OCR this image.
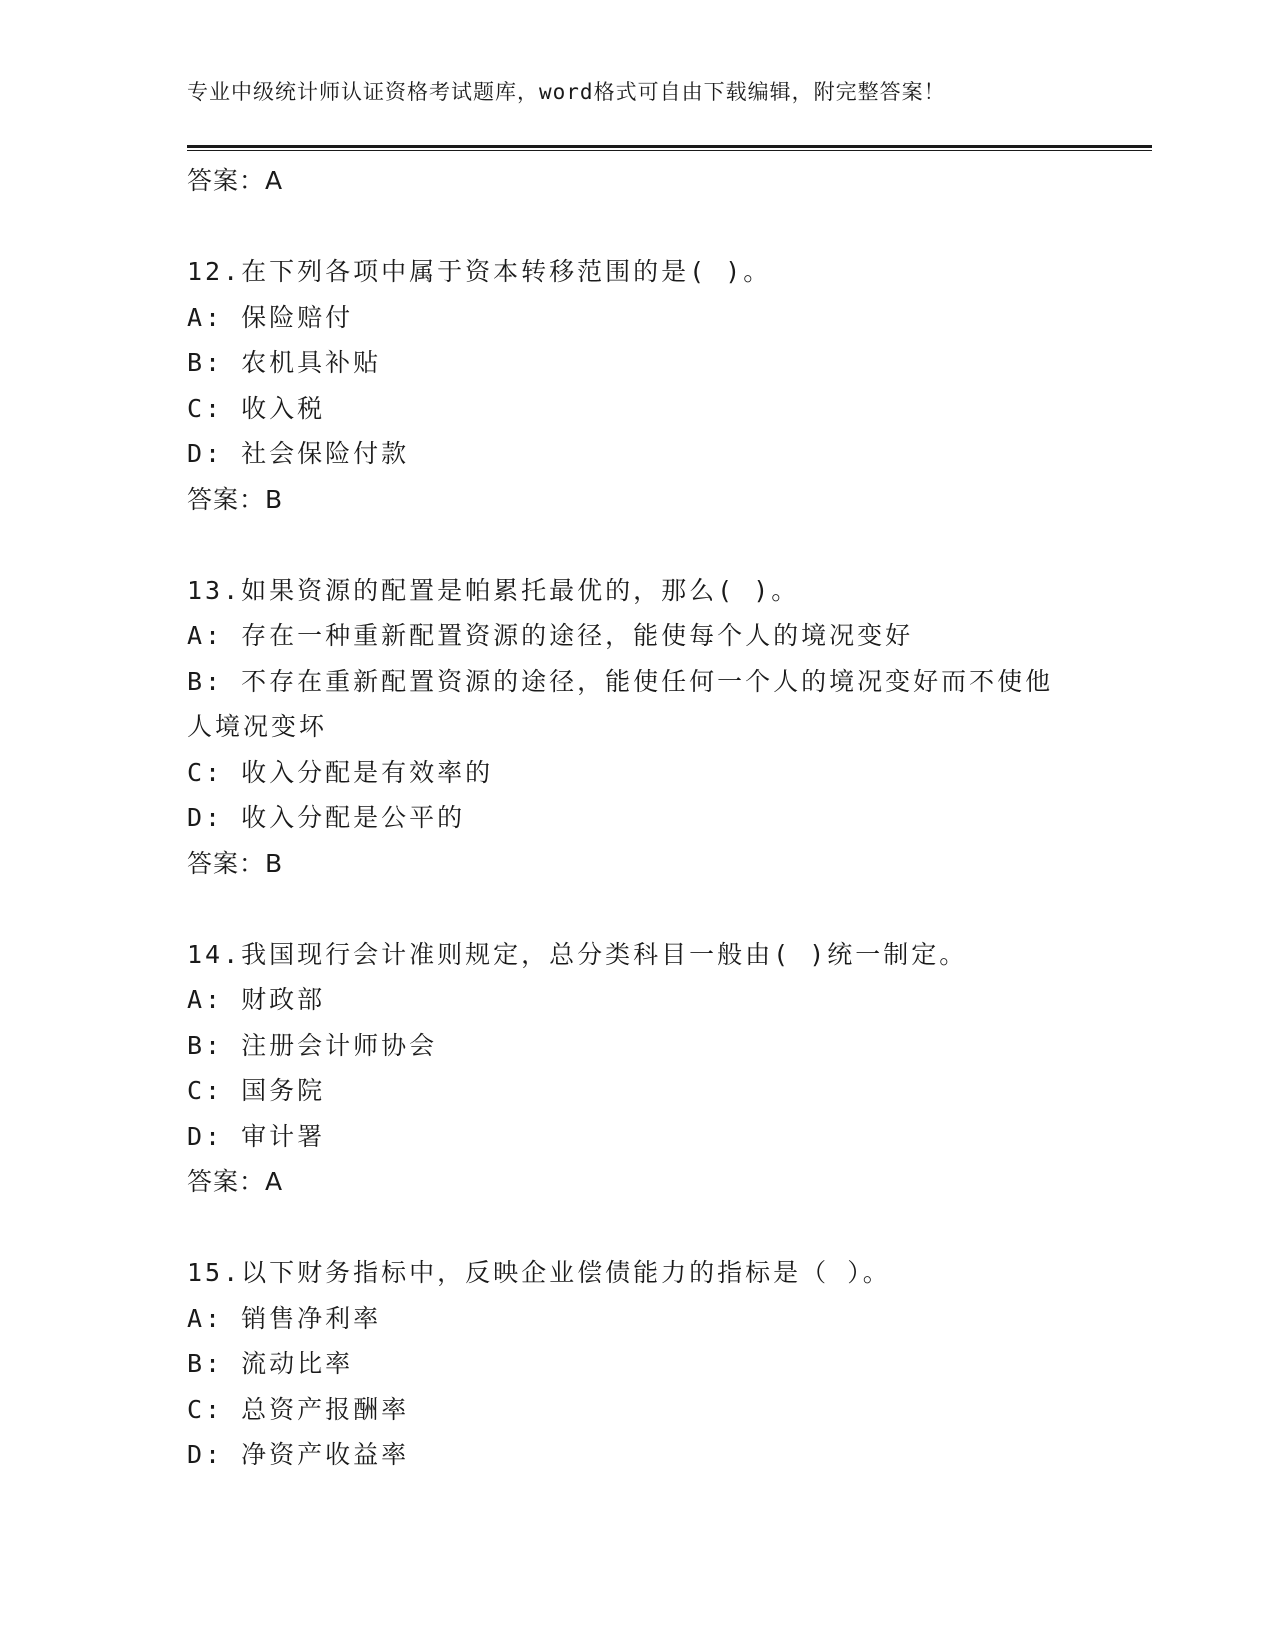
专业中级统计师认证资格考试题库，word格式可自由下载编辑，附完整答案！
答案：A
12.在下列各项中属于资本转移范围的是( )。
A: 保险赔付
B: 农机具补贴
C: 收入税
D: 社会保险付款
答案：B
13.如果资源的配置是帕累托最优的，那么( )。
A: 存在一种重新配置资源的途径，能使每个人的境况变好
B: 不存在重新配置资源的途径，能使任何一个人的境况变好而不使他
人境况变坏
C: 收入分配是有效率的
D: 收入分配是公平的
答案：B
14.我国现行会计准则规定，总分类科目一般由( )统一制定。
A: 财政部
B: 注册会计师协会
C: 国务院
D: 审计署
答案：A
15.以下财务指标中，反映企业偿债能力的指标是（ ）。
A: 销售净利率
B: 流动比率
C: 总资产报酬率
D: 净资产收益率
